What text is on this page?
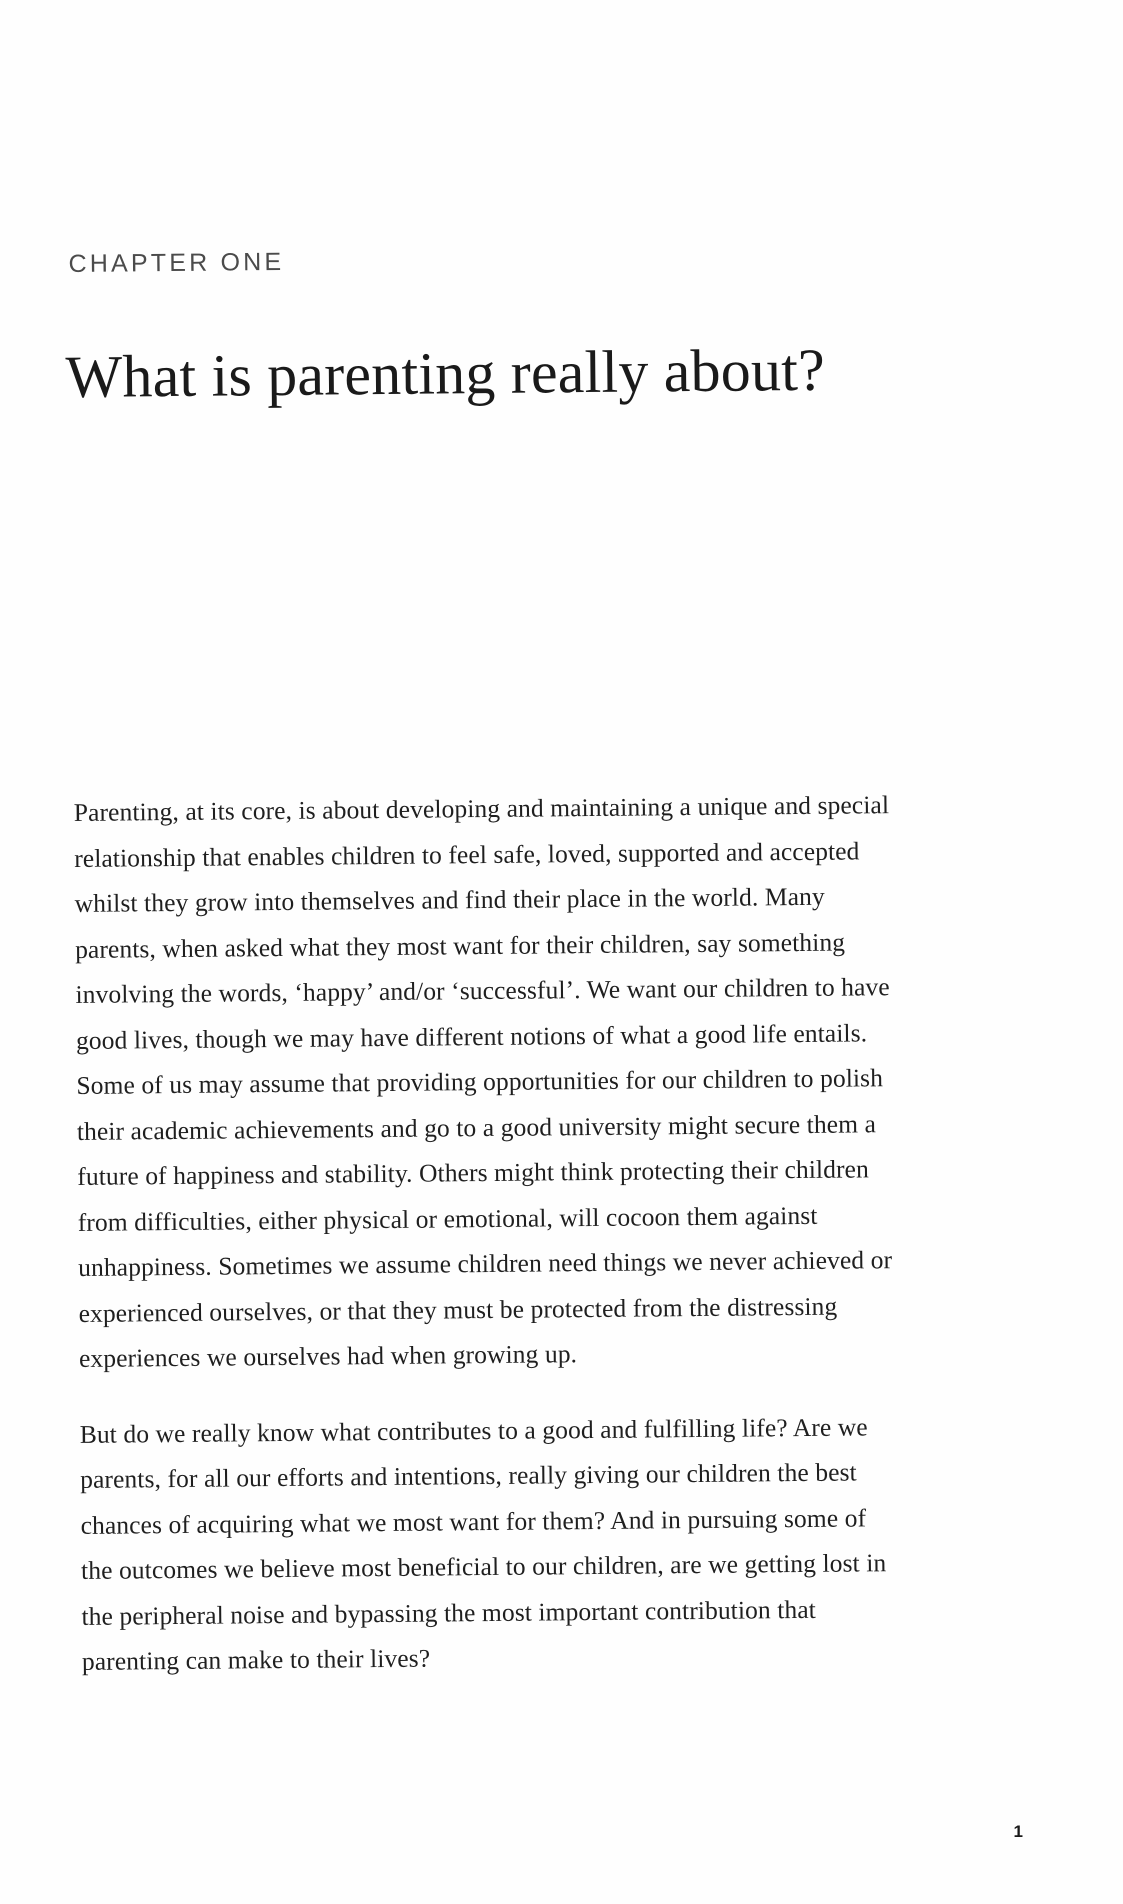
CHAPTER ONE
What is parenting really about?

Parenting, at its core, is about developing and maintaining a unique and special relationship that enables children to feel safe, loved, supported and accepted whilst they grow into themselves and find their place in the world. Many parents, when asked what they most want for their children, say something involving the words, ‘happy’ and/or ‘successful’. We want our children to have good lives, though we may have different notions of what a good life entails. Some of us may assume that providing opportunities for our children to polish their academic achievements and go to a good university might secure them a future of happiness and stability. Others might think protecting their children from difficulties, either physical or emotional, will cocoon them against unhappiness. Sometimes we assume children need things we never achieved or experienced ourselves, or that they must be protected from the distressing experiences we ourselves had when growing up.

But do we really know what contributes to a good and fulfilling life? Are we parents, for all our efforts and intentions, really giving our children the best chances of acquiring what we most want for them? And in pursuing some of the outcomes we believe most beneficial to our children, are we getting lost in the peripheral noise and bypassing the most important contribution that parenting can make to their lives?

1
